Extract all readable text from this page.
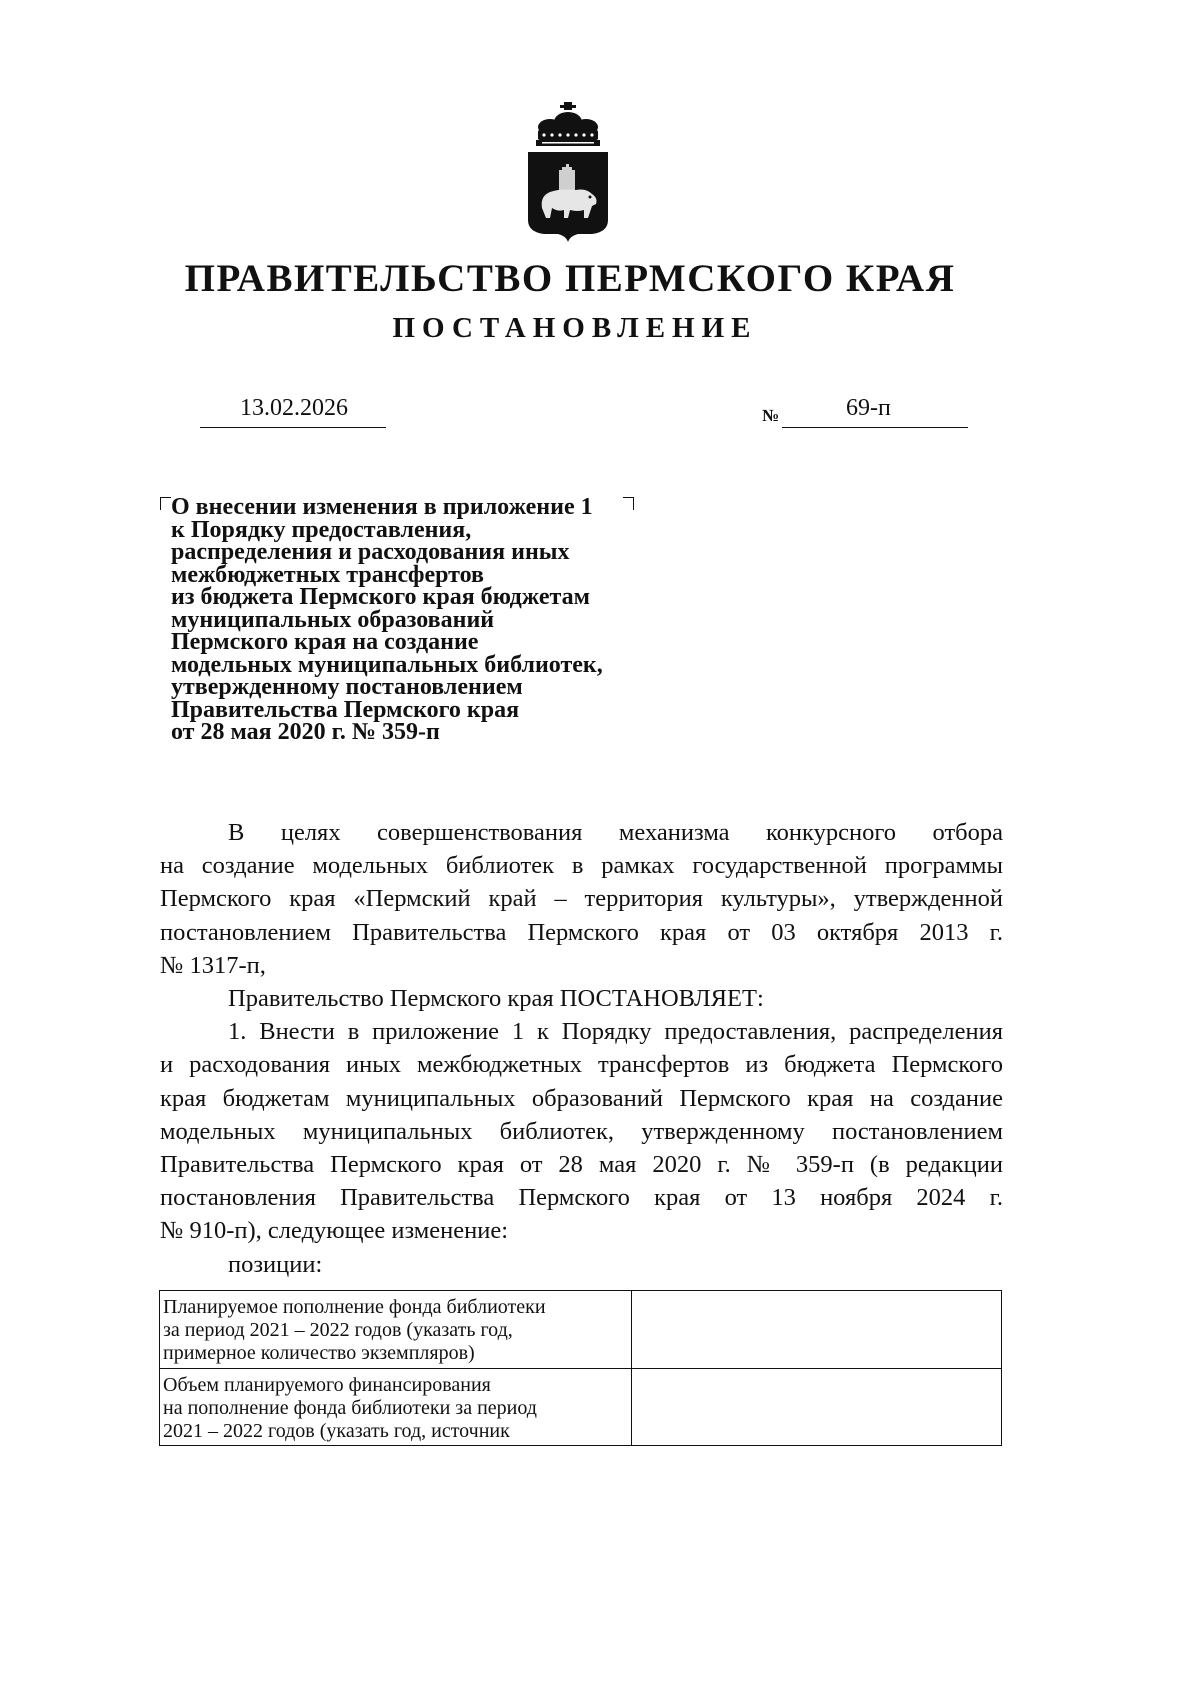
ПРАВИТЕЛЬСТВО ПЕРМСКОГО КРАЯ
ПОСТАНОВЛЕНИЕ
13.02.2026	№	69-п
О внесении изменения в приложение 1
к Порядку предоставления,
распределения и расходования иных
межбюджетных трансфертов
из бюджета Пермского края бюджетам
муниципальных образований
Пермского края на создание
модельных муниципальных библиотек,
утвержденному постановлением
Правительства Пермского края
от 28 мая 2020 г. № 359-п

В целях совершенствования механизма конкурсного отбора
на создание модельных библиотек в рамках государственной программы
Пермского края «Пермский край – территория культуры», утвержденной
постановлением Правительства Пермского края от 03 октября 2013 г.
№ 1317-п,

Правительство Пермского края ПОСТАНОВЛЯЕТ:

1. Внести в приложение 1 к Порядку предоставления, распределения
и расходования иных межбюджетных трансфертов из бюджета Пермского
края бюджетам муниципальных образований Пермского края на создание
модельных муниципальных библиотек, утвержденному постановлением
Правительства Пермского края от 28 мая 2020 г. № 359-п (в редакции
постановления Правительства Пермского края от 13 ноября 2024 г.
№ 910-п), следующее изменение:

позиции:

Планируемое пополнение фонда библиотеки
за период 2021 – 2022 годов (указать год,
примерное количество экземпляров)	

Объем планируемого финансирования
на пополнение фонда библиотеки за период
2021 – 2022 годов (указать год, источник	
